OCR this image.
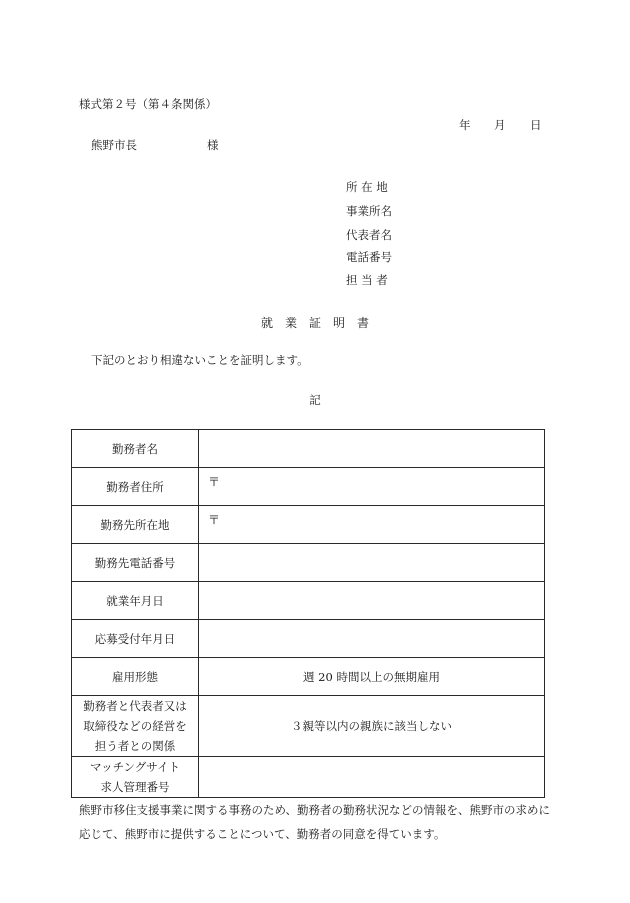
様式第２号（第４条関係）
年 月 日
熊野市長	様
所 在 地
事業所名
代表者名
電話番号
担 当 者
就　業　証　明　書
下記のとおり相違ないことを証明します。
記
勤務者名	
勤務者住所	〒

勤務先所在地	〒

勤務先電話番号	
就業年月日	
応募受付年月日	
雇用形態	週 20 時間以上の無期雇用

勤務者と代表者又は
取締役などの経営を
担う者との関係	３親等以内の親族に該当しない

マッチングサイト
求人管理番号	

熊野市移住支援事業に関する事務のため、勤務者の勤務状況などの情報を、熊野市の求めに応じて、熊野市に提供することについて、勤務者の同意を得ています。
